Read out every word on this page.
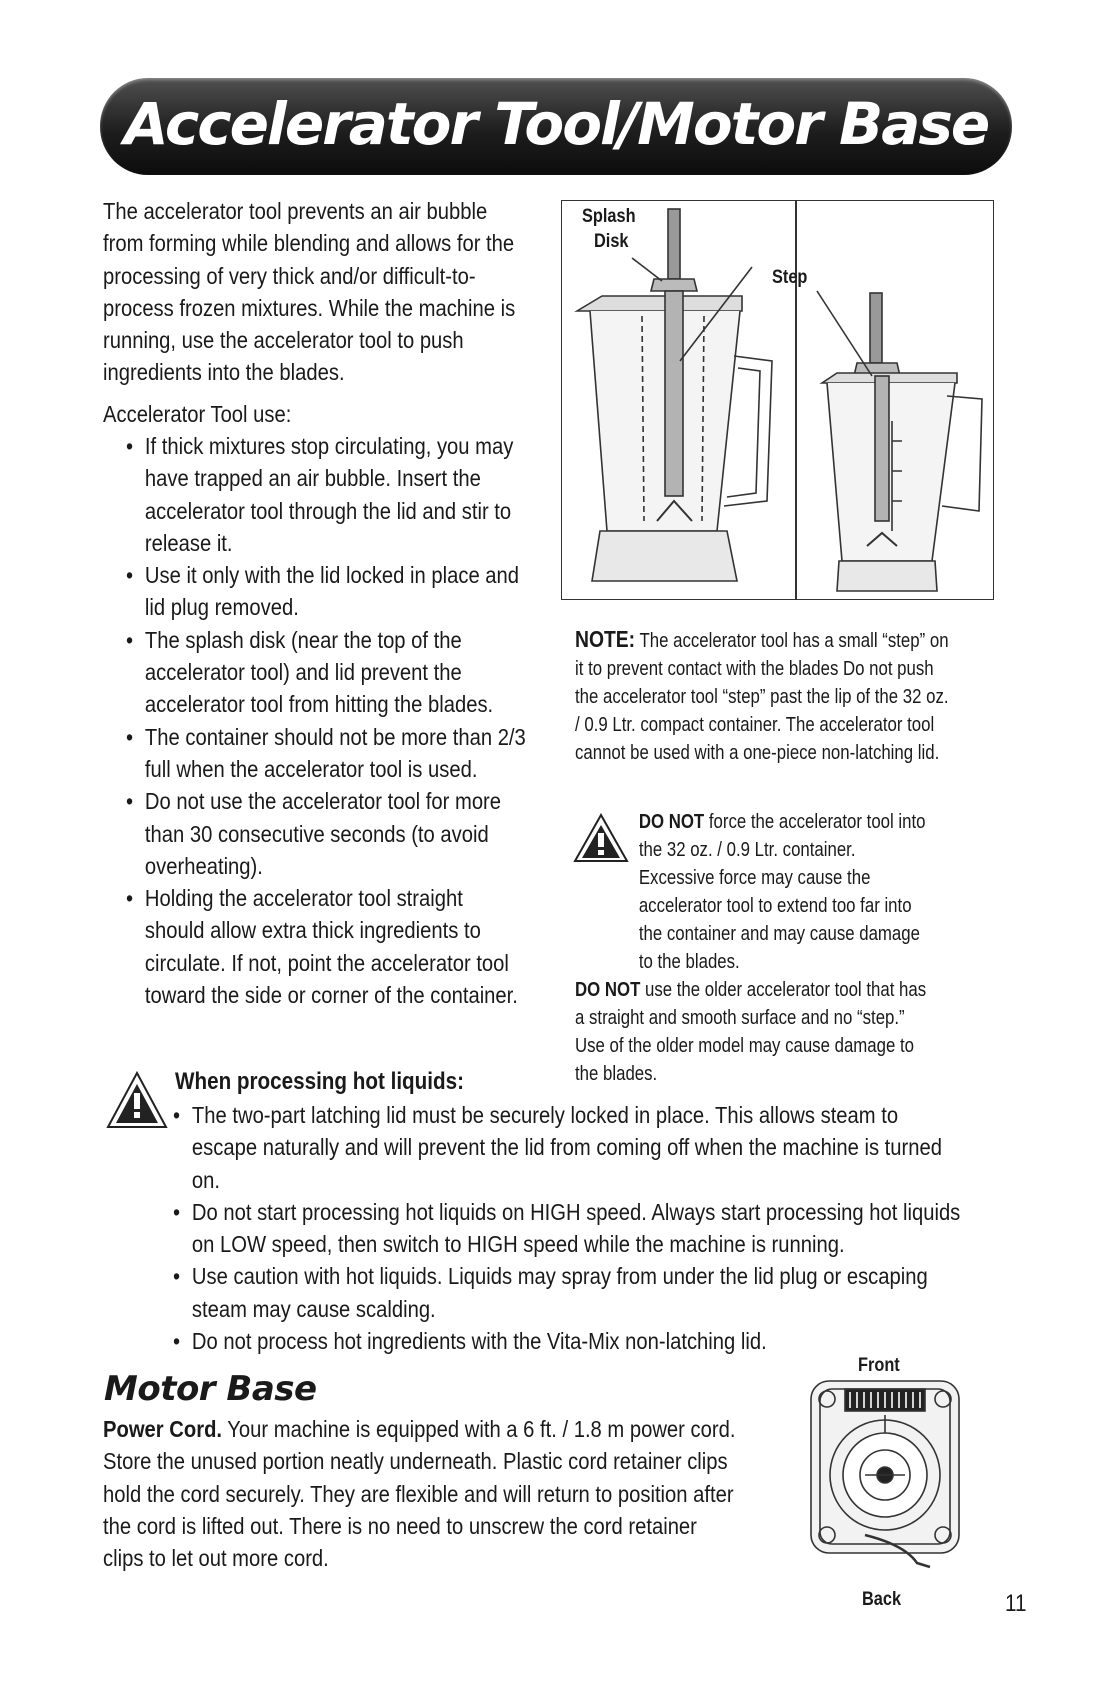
Accelerator Tool/Motor Base
The accelerator tool prevents an air bubble from forming while blending and allows for the processing of very thick and/or difficult-to-process frozen mixtures. While the machine is running, use the accelerator tool to push ingredients into the blades.
Accelerator Tool use:
• If thick mixtures stop circulating, you may have trapped an air bubble. Insert the accelerator tool through the lid and stir to release it.
• Use it only with the lid locked in place and lid plug removed.
• The splash disk (near the top of the accelerator tool) and lid prevent the accelerator tool from hitting the blades.
• The container should not be more than 2/3 full when the accelerator tool is used.
• Do not use the accelerator tool for more than 30 consecutive seconds (to avoid overheating).
• Holding the accelerator tool straight should allow extra thick ingredients to circulate. If not, point the accelerator tool toward the side or corner of the container.
Splash
Disk
Step
NOTE: The accelerator tool has a small “step” on it to prevent contact with the blades Do not push the accelerator tool “step” past the lip of the 32 oz. / 0.9 Ltr. compact container. The accelerator tool cannot be used with a one-piece non-latching lid.
DO NOT force the accelerator tool into the 32 oz. / 0.9 Ltr. container. Excessive force may cause the accelerator tool to extend too far into the container and may cause damage to the blades.
DO NOT use the older accelerator tool that has a straight and smooth surface and no “step.” Use of the older model may cause damage to the blades.
When processing hot liquids:
• The two-part latching lid must be securely locked in place. This allows steam to escape naturally and will prevent the lid from coming off when the machine is turned on.
• Do not start processing hot liquids on HIGH speed. Always start processing hot liquids on LOW speed, then switch to HIGH speed while the machine is running.
• Use caution with hot liquids. Liquids may spray from under the lid plug or escaping steam may cause scalding.
• Do not process hot ingredients with the Vita-Mix non-latching lid.
Motor Base
Power Cord. Your machine is equipped with a 6 ft. / 1.8 m power cord. Store the unused portion neatly underneath. Plastic cord retainer clips hold the cord securely. They are flexible and will return to position after the cord is lifted out. There is no need to unscrew the cord retainer clips to let out more cord.
Front
Back	11
